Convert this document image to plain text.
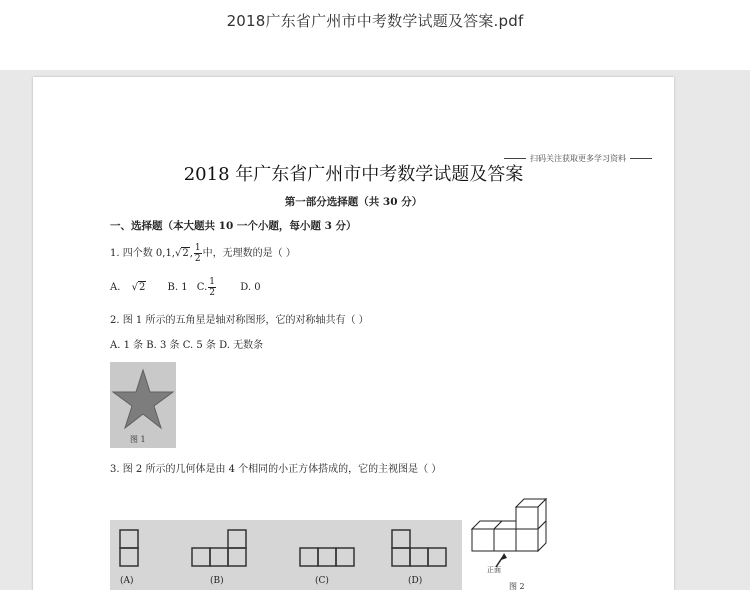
2018广东省广州市中考数学试题及答案.pdf
扫码关注获取更多学习资料
2018 年广东省广州市中考数学试题及答案
第一部分选择题（共 30 分）
一、选择题（本大题共 10 一个小题，每小题 3 分）
1. 四个数 0,1,√2, $\frac{1}{2}$ 中，无理数的是（ ）
A. √2 B. 1 C. $\frac{1}{2} D$. 0
2. 图 1 所示的五角星是轴对称图形，它的对称轴共有（ ）
A. 1 条 B. 3 条 C. 5 条 D. 无数条
图 1
3. 图 2 所示的几何体是由 4 个相同的小正方体搭成的，它的主视图是（ ）
正面
图 2
(A)	(B)	(C)	(D)
